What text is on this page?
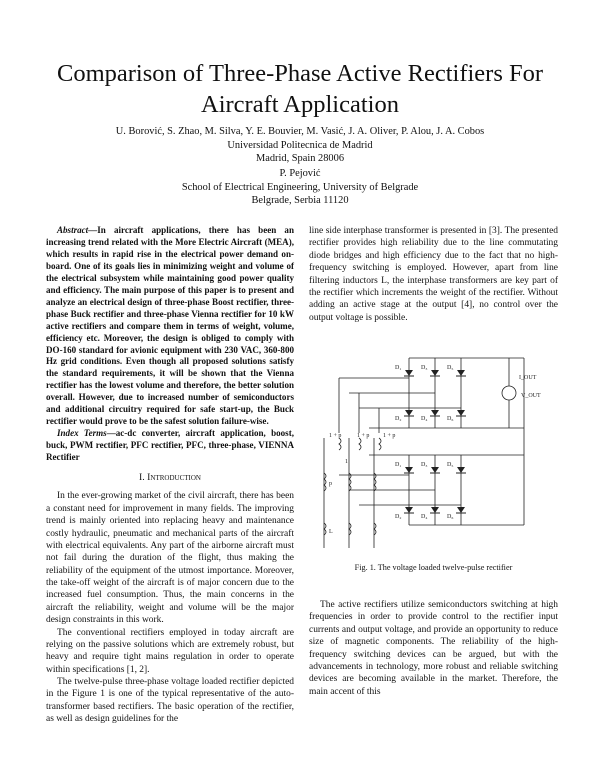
Comparison of Three-Phase Active Rectifiers For
Aircraft Application
U. Borović, S. Zhao, M. Silva, Y. E. Bouvier, M. Vasić, J. A. Oliver, P. Alou, J. A. Cobos
Universidad Politecnica de Madrid
Madrid, Spain 28006
P. Pejović
School of Electrical Engineering, University of Belgrade
Belgrade, Serbia 11120

Abstract—In aircraft applications, there has been an increasing trend related with the More Electric Aircraft (MEA), which results in rapid rise in the electrical power demand on-board. One of its goals lies in minimizing weight and volume of the electrical subsystem while maintaining good power quality and efficiency. The main purpose of this paper is to present and analyze an electrical design of three-phase Boost rectifier, three-phase Buck rectifier and three-phase Vienna rectifier for 10 kW active rectifiers and compare them in terms of weight, volume, efficiency etc. Moreover, the design is obliged to comply with DO-160 standard for avionic equipment with 230 VAC, 360-800 Hz grid conditions. Even though all proposed solutions satisfy the standard requirements, it will be shown that the Vienna rectifier has the lowest volume and therefore, the better solution overall. However, due to increased number of semiconductors and additional circuitry required for safe start-up, the Buck rectifier would prove to be the safest solution failure-wise.

Index Terms—ac-dc converter, aircraft application, boost, buck, PWM rectifier, PFC rectifier, PFC, three-phase, VIENNA Rectifier

I. Introduction

In the ever-growing market of the civil aircraft, there has been a constant need for improvement in many fields. The improving trend is mainly oriented into replacing heavy and maintenance costly hydraulic, pneumatic and mechanical parts of the aircraft with electrical equivalents. Any part of the airborne aircraft must not fail during the duration of the flight, thus making the reliability of the equipment of the utmost importance. Moreover, the take-off weight of the aircraft is of major concern due to the increased fuel consumption. Thus, the main concerns in the aircraft the reliability, weight and volume will be the major design constraints in this work.

The conventional rectifiers employed in today aircraft are relying on the passive solutions which are extremely robust, but heavy and require tight mains regulation in order to operate within specifications [1, 2].

The twelve-pulse three-phase voltage loaded rectifier depicted in the Figure 1 is one of the typical representative of the auto-transformer based rectifiers. The basic operation of the rectifier, as well as design guidelines for the

line side interphase transformer is presented in [3]. The presented rectifier provides high reliability due to the line commutating diode bridges and high efficiency due to the fact that no high-frequency switching is employed. However, apart from line filtering inductors L, the interphase transformers are key part of the rectifier which increments the weight of the rectifier. Without adding an active stage at the output [4], no control over the output voltage is possible.

D₁	D₃	D₅
D₂	D₄	D₆
D₁	D₃	D₅
D₂	D₄	D₆
I_OUT
V_OUT
1 + p	1 + p 1 + p
p
L
1
Fig. 1. The voltage loaded twelve-pulse rectifier

The active rectifiers utilize semiconductors switching at high frequencies in order to provide control to the rectifier input currents and output voltage, and provide an opportunity to reduce size of magnetic components. The reliability of the high-frequency switching devices can be argued, but with the advancements in technology, more robust and reliable switching devices are becoming available in the market. Therefore, the main accent of this
